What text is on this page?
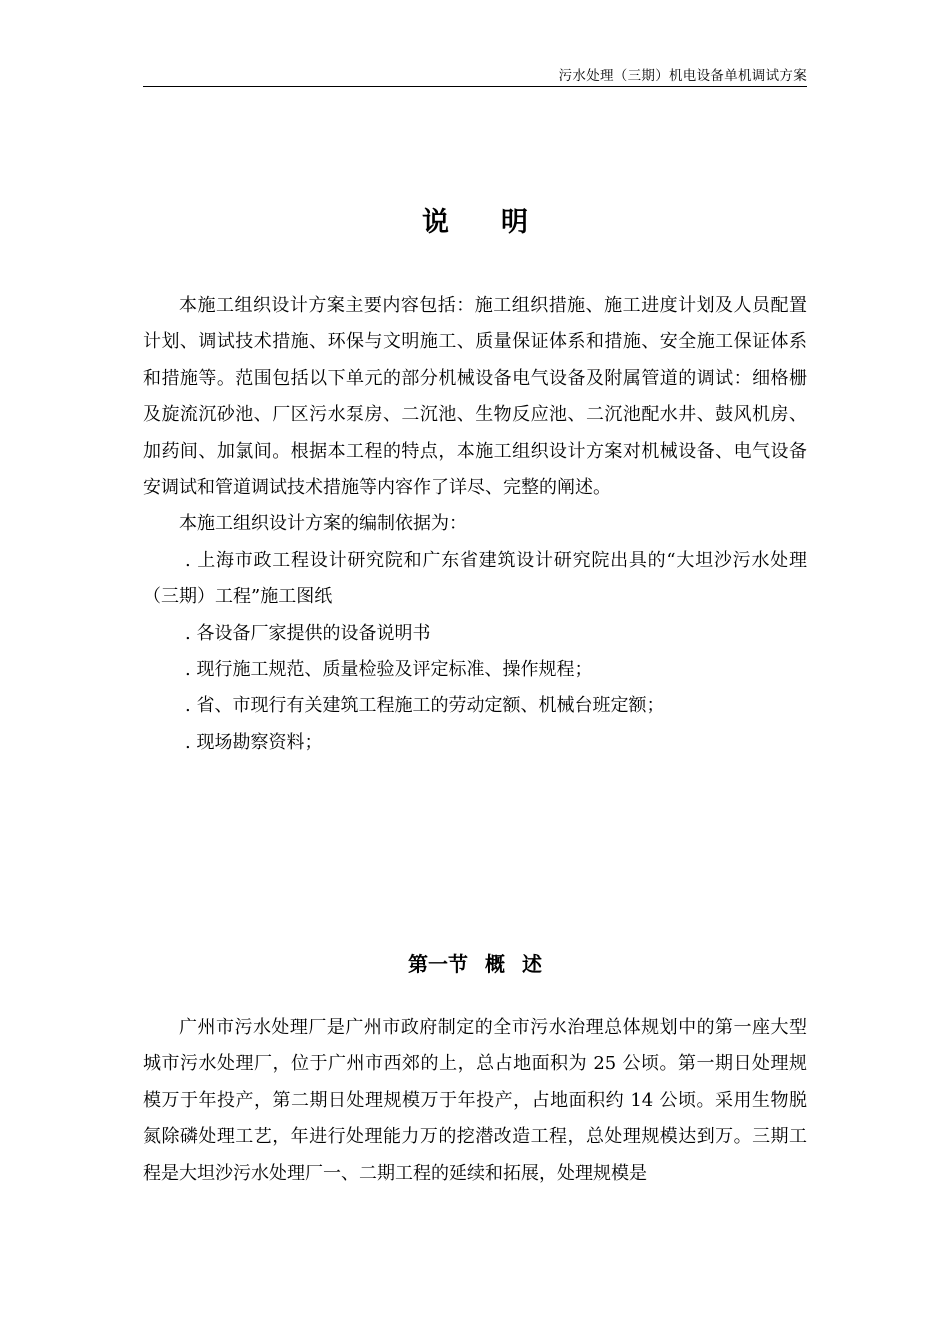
污水处理（三期）机电设备单机调试方案
说明

本施工组织设计方案主要内容包括：施工组织措施、施工进度计划及人员配置计划、调试技术措施、环保与文明施工、质量保证体系和措施、安全施工保证体系和措施等。范围包括以下单元的部分机械设备电气设备及附属管道的调试：细格栅及旋流沉砂池、厂区污水泵房、二沉池、生物反应池、二沉池配水井、鼓风机房、加药间、加氯间。根据本工程的特点，本施工组织设计方案对机械设备、电气设备安调试和管道调试技术措施等内容作了详尽、完整的阐述。

本施工组织设计方案的编制依据为：

. 上海市政工程设计研究院和广东省建筑设计研究院出具的“大坦沙污水处理（三期）工程”施工图纸

. 各设备厂家提供的设备说明书

. 现行施工规范、质量检验及评定标准、操作规程；

. 省、市现行有关建筑工程施工的劳动定额、机械台班定额；

. 现场勘察资料；

第一节 概 述

广州市污水处理厂是广州市政府制定的全市污水治理总体规划中的第一座大型城市污水处理厂，位于广州市西郊的上，总占地面积为 25 公顷。第一期日处理规模万于年投产，第二期日处理规模万于年投产，占地面积约 14 公顷。采用生物脱氮除磷处理工艺，年进行处理能力万的挖潜改造工程，总处理规模达到万。三期工程是大坦沙污水处理厂一、二期工程的延续和拓展，处理规模是
